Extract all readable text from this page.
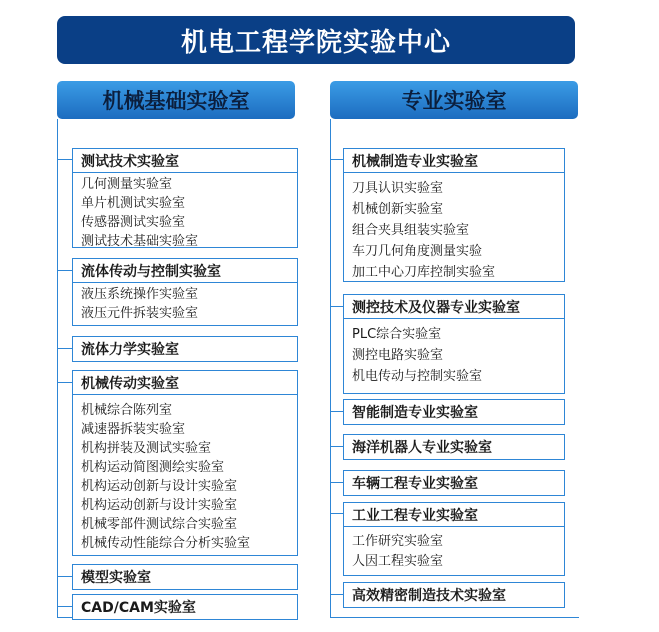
机电工程学院实验中心
机械基础实验室	专业实验室
测试技术实验室
几何测量实验室
单片机测试实验室
传感器测试实验室
测试技术基础实验室
流体传动与控制实验室
液压系统操作实验室
液压元件拆装实验室
流体力学实验室
机械传动实验室
机械综合陈列室
减速器拆装实验室
机构拼装及测试实验室
机构运动简图测绘实验室
机构运动创新与设计实验室
机构运动创新与设计实验室
机械零部件测试综合实验室
机械传动性能综合分析实验室
模型实验室
CAD/CAM实验室
机械制造专业实验室
刀具认识实验室
机械创新实验室
组合夹具组装实验室
车刀几何角度测量实验
加工中心刀库控制实验室
测控技术及仪器专业实验室
PLC综合实验室
测控电路实验室
机电传动与控制实验室
智能制造专业实验室
海洋机器人专业实验室
车辆工程专业实验室
工业工程专业实验室
工作研究实验室
人因工程实验室
高效精密制造技术实验室
